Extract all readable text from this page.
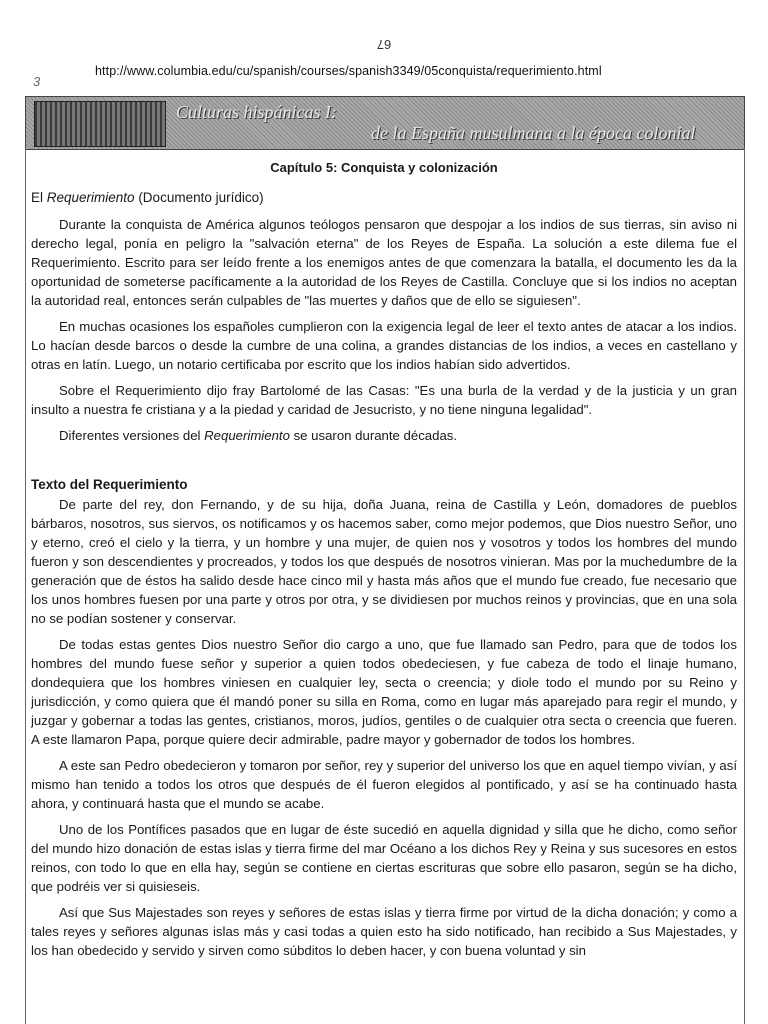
67
3
http://www.columbia.edu/cu/spanish/courses/spanish3349/05conquista/requerimiento.html
Culturas hispánicas I:
de la España musulmana a la época colonial
Capítulo 5: Conquista y colonización
El Requerimiento (Documento jurídico)

Durante la conquista de América algunos teólogos pensaron que despojar a los indios de sus tierras, sin aviso ni derecho legal, ponía en peligro la "salvación eterna" de los Reyes de España. La solución a este dilema fue el Requerimiento. Escrito para ser leído frente a los enemigos antes de que comenzara la batalla, el documento les da la oportunidad de someterse pacíficamente a la autoridad de los Reyes de Castilla. Concluye que si los indios no aceptan la autoridad real, entonces serán culpables de "las muertes y daños que de ello se siguiesen".

En muchas ocasiones los españoles cumplieron con la exigencia legal de leer el texto antes de atacar a los indios. Lo hacían desde barcos o desde la cumbre de una colina, a grandes distancias de los indios, a veces en castellano y otras en latín. Luego, un notario certificaba por escrito que los indios habían sido advertidos.

Sobre el Requerimiento dijo fray Bartolomé de las Casas: "Es una burla de la verdad y de la justicia y un gran insulto a nuestra fe cristiana y a la piedad y caridad de Jesucristo, y no tiene ninguna legalidad".

Diferentes versiones del Requerimiento se usaron durante décadas.

Texto del Requerimiento

De parte del rey, don Fernando, y de su hija, doña Juana, reina de Castilla y León, domadores de pueblos bárbaros, nosotros, sus siervos, os notificamos y os hacemos saber, como mejor podemos, que Dios nuestro Señor, uno y eterno, creó el cielo y la tierra, y un hombre y una mujer, de quien nos y vosotros y todos los hombres del mundo fueron y son descendientes y procreados, y todos los que después de nosotros vinieran. Mas por la muchedumbre de la generación que de éstos ha salido desde hace cinco mil y hasta más años que el mundo fue creado, fue necesario que los unos hombres fuesen por una parte y otros por otra, y se dividiesen por muchos reinos y provincias, que en una sola no se podían sostener y conservar.

De todas estas gentes Dios nuestro Señor dio cargo a uno, que fue llamado san Pedro, para que de todos los hombres del mundo fuese señor y superior a quien todos obedeciesen, y fue cabeza de todo el linaje humano, dondequiera que los hombres viniesen en cualquier ley, secta o creencia; y diole todo el mundo por su Reino y jurisdicción, y como quiera que él mandó poner su silla en Roma, como en lugar más aparejado para regir el mundo, y juzgar y gobernar a todas las gentes, cristianos, moros, judíos, gentiles o de cualquier otra secta o creencia que fueren. A este llamaron Papa, porque quiere decir admirable, padre mayor y gobernador de todos los hombres.

A este san Pedro obedecieron y tomaron por señor, rey y superior del universo los que en aquel tiempo vivían, y así mismo han tenido a todos los otros que después de él fueron elegidos al pontificado, y así se ha continuado hasta ahora, y continuará hasta que el mundo se acabe.

Uno de los Pontífices pasados que en lugar de éste sucedió en aquella dignidad y silla que he dicho, como señor del mundo hizo donación de estas islas y tierra firme del mar Océano a los dichos Rey y Reina y sus sucesores en estos reinos, con todo lo que en ella hay, según se contiene en ciertas escrituras que sobre ello pasaron, según se ha dicho, que podréis ver si quisieseis.

Así que Sus Majestades son reyes y señores de estas islas y tierra firme por virtud de la dicha donación; y como a tales reyes y señores algunas islas más y casi todas a quien esto ha sido notificado, han recibido a Sus Majestades, y los han obedecido y servido y sirven como súbditos lo deben hacer, y con buena voluntad y sin
